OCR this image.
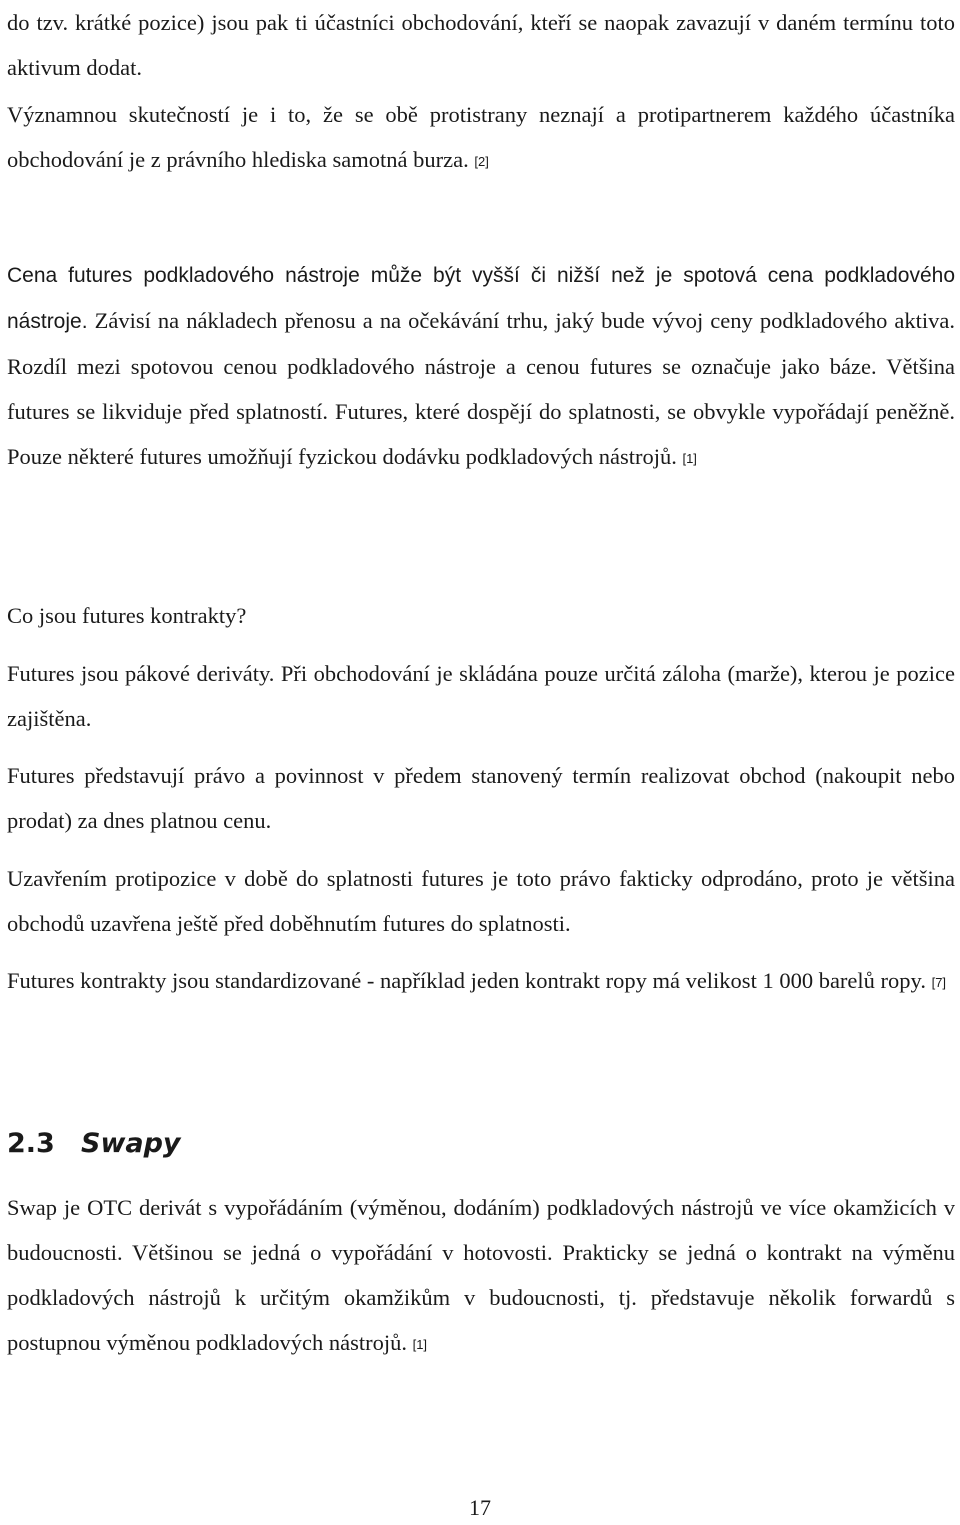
do tzv. krátké pozice) jsou pak ti účastníci obchodování, kteří se naopak zavazují v daném termínu toto aktivum dodat.

Významnou skutečností je i to, že se obě protistrany neznají a protipartnerem každého účastníka obchodování je z právního hlediska samotná burza. [2]

Cena futures podkladového nástroje může být vyšší či nižší než je spotová cena podkladového nástroje. Závisí na nákladech přenosu a na očekávání trhu, jaký bude vývoj ceny podkladového aktiva. Rozdíl mezi spotovou cenou podkladového nástroje a cenou futures se označuje jako báze. Většina futures se likviduje před splatností. Futures, které dospějí do splatnosti, se obvykle vypořádají peněžně. Pouze některé futures umožňují fyzickou dodávku podkladových nástrojů. [1]

Co jsou futures kontrakty?

Futures jsou pákové deriváty. Při obchodování je skládána pouze určitá záloha (marže), kterou je pozice zajištěna.

Futures představují právo a povinnost v předem stanovený termín realizovat obchod (nakoupit nebo prodat) za dnes platnou cenu.

Uzavřením protipozice v době do splatnosti futures je toto právo fakticky odprodáno, proto je většina obchodů uzavřena ještě před doběhnutím futures do splatnosti.

Futures kontrakty jsou standardizované - například jeden kontrakt ropy má velikost 1 000 barelů ropy. [7]

2.3 Swapy

Swap je OTC derivát s vypořádáním (výměnou, dodáním) podkladových nástrojů ve více okamžicích v budoucnosti. Většinou se jedná o vypořádání v hotovosti. Prakticky se jedná o kontrakt na výměnu podkladových nástrojů k určitým okamžikům v budoucnosti, tj. představuje několik forwardů s postupnou výměnou podkladových nástrojů. [1]

17
